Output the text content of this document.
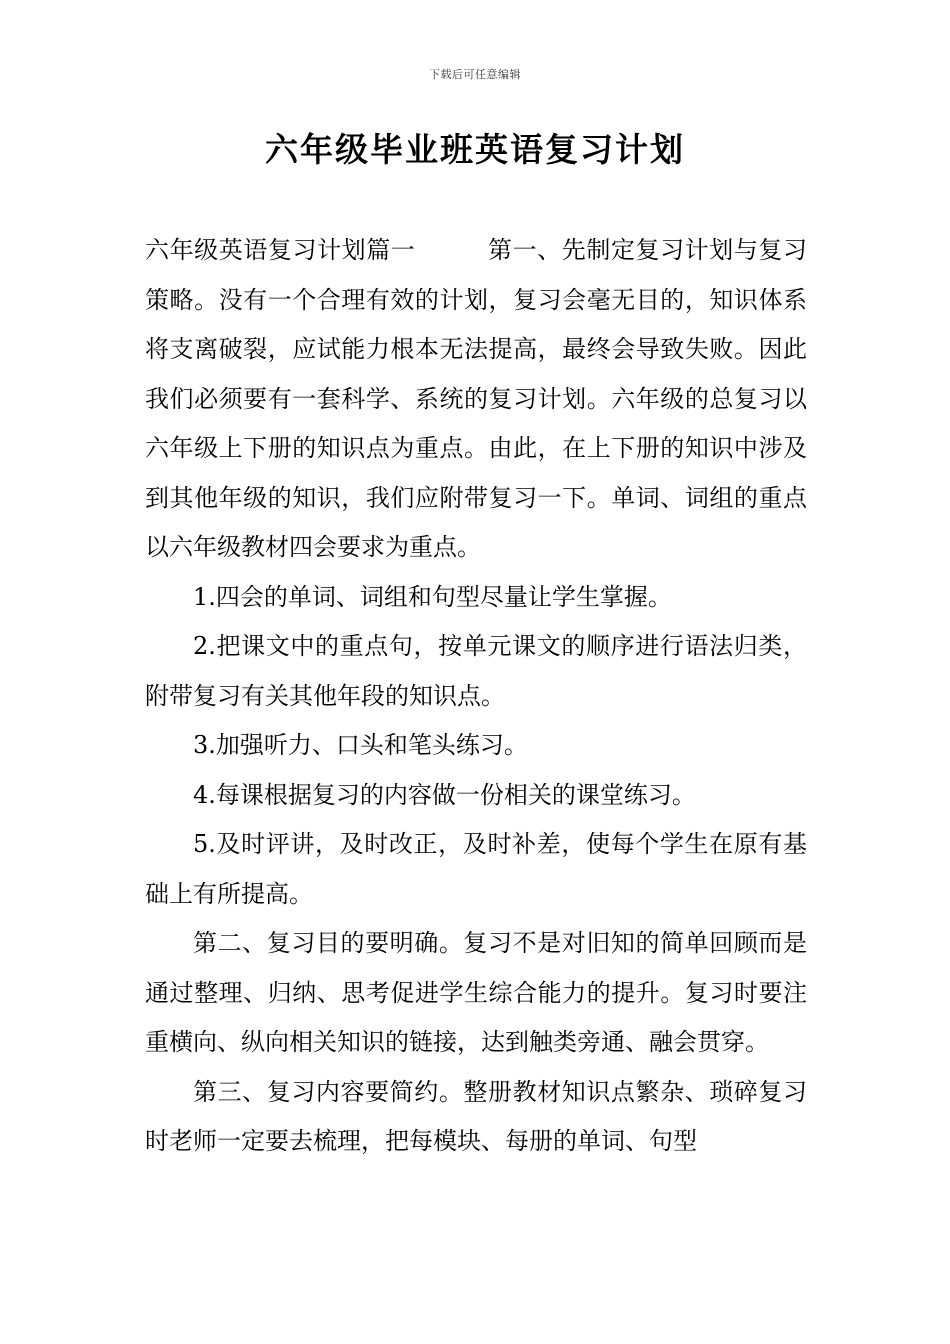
下载后可任意编辑
六年级毕业班英语复习计划

六年级英语复习计划篇一	第一、先制定复习计划与复习策略。没有一个合理有效的计划，复习会毫无目的，知识体系将支离破裂，应试能力根本无法提高，最终会导致失败。因此我们必须要有一套科学、系统的复习计划。六年级的总复习以六年级上下册的知识点为重点。由此，在上下册的知识中涉及到其他年级的知识，我们应附带复习一下。单词、词组的重点以六年级教材四会要求为重点。

1.四会的单词、词组和句型尽量让学生掌握。

2.把课文中的重点句，按单元课文的顺序进行语法归类，附带复习有关其他年段的知识点。

3.加强听力、口头和笔头练习。

4.每课根据复习的内容做一份相关的课堂练习。

5.及时评讲，及时改正，及时补差，使每个学生在原有基础上有所提高。

第二、复习目的要明确。复习不是对旧知的简单回顾而是通过整理、归纳、思考促进学生综合能力的提升。复习时要注重横向、纵向相关知识的链接，达到触类旁通、融会贯穿。

第三、复习内容要简约。整册教材知识点繁杂、琐碎复习时老师一定要去梳理，把每模块、每册的单词、句型
